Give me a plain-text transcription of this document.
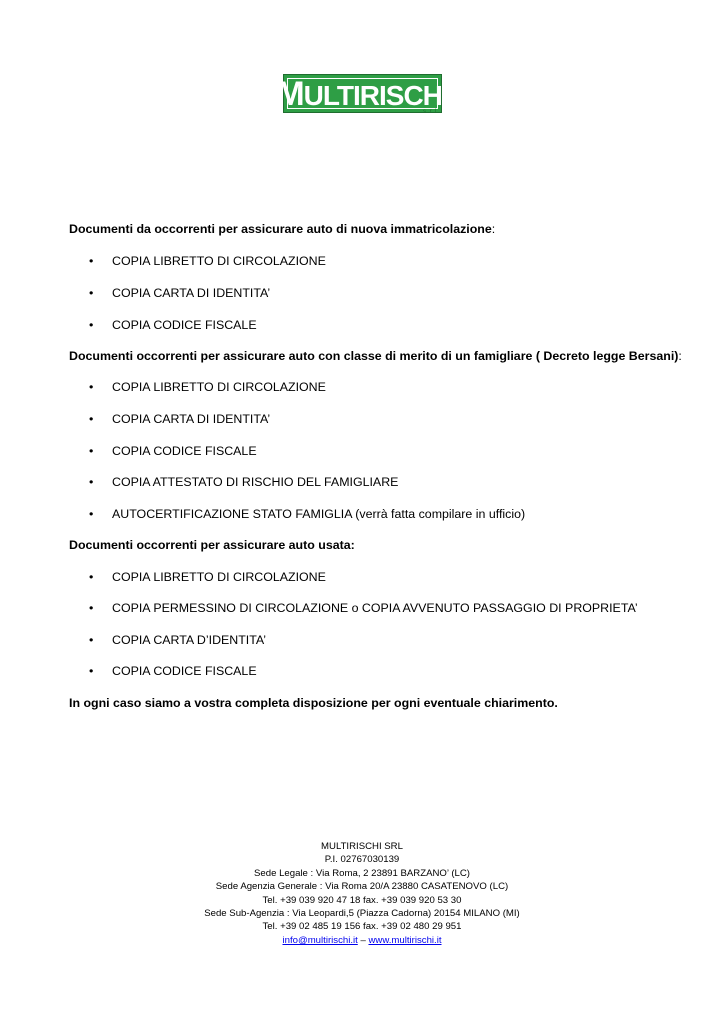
MULTIRISCHI
s.r.l.
Documenti da occorrenti per assicurare auto di nuova immatricolazione:
• COPIA LIBRETTO DI CIRCOLAZIONE
• COPIA CARTA DI IDENTITA’
• COPIA CODICE FISCALE
Documenti occorrenti per assicurare auto con classe di merito di un famigliare ( Decreto legge Bersani):
• COPIA LIBRETTO DI CIRCOLAZIONE
• COPIA CARTA DI IDENTITA’
• COPIA CODICE FISCALE
• COPIA ATTESTATO DI RISCHIO DEL FAMIGLIARE
• AUTOCERTIFICAZIONE STATO FAMIGLIA (verrà fatta compilare in ufficio)
Documenti occorrenti per assicurare auto usata:
• COPIA LIBRETTO DI CIRCOLAZIONE
• COPIA PERMESSINO DI CIRCOLAZIONE o COPIA AVVENUTO PASSAGGIO DI PROPRIETA’
• COPIA CARTA D’IDENTITA’
• COPIA CODICE FISCALE
In ogni caso siamo a vostra completa disposizione per ogni eventuale chiarimento.
MULTIRISCHI SRL
P.I. 02767030139
Sede Legale : Via Roma, 2 23891 BARZANO’ (LC)
Sede Agenzia Generale : Via Roma 20/A 23880 CASATENOVO (LC)
Tel. +39 039 920 47 18 fax. +39 039 920 53 30
Sede Sub-Agenzia : Via Leopardi,5 (Piazza Cadorna) 20154 MILANO (MI)
Tel. +39 02 485 19 156 fax. +39 02 480 29 951
info@multirischi.it – www.multirischi.it
